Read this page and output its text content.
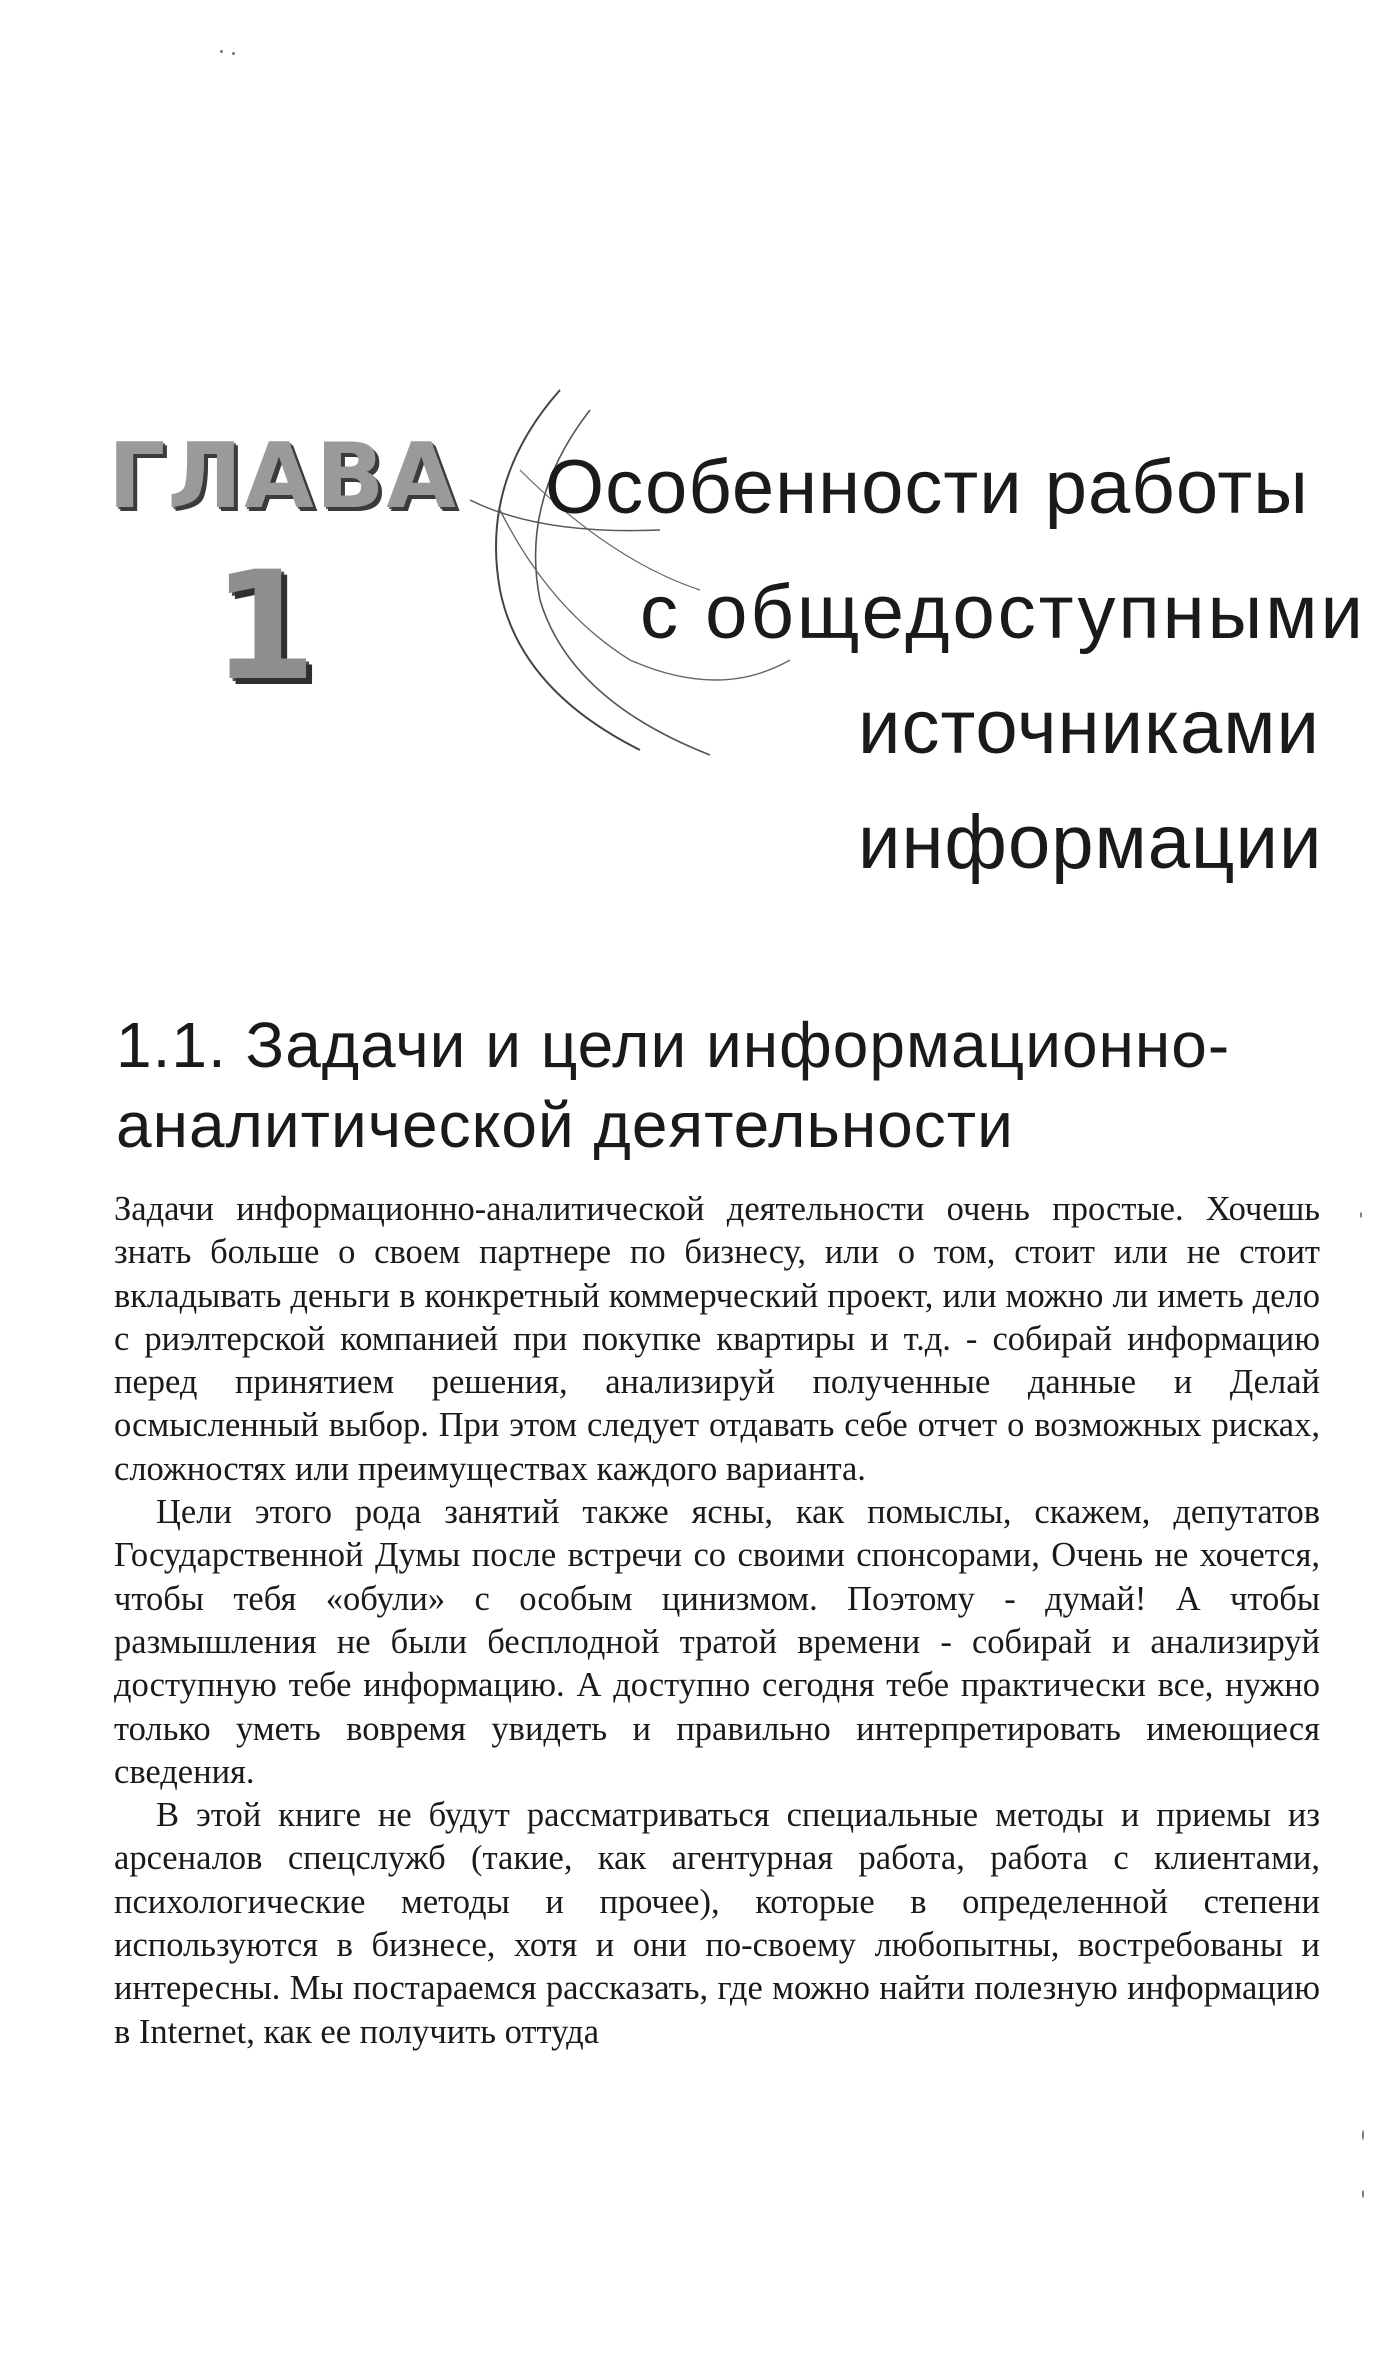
ГЛАВА
1
Особенности работы
с общедоступными
источниками
информации
1.1. Задачи и цели информационно-аналитической деятельности

Задачи информационно-аналитической деятельности очень простые. Хочешь знать больше о своем партнере по бизнесу, или о том, стоит или не стоит вкладывать деньги в конкретный коммерческий проект, или можно ли иметь дело с риэлтерской компанией при покупке квартиры и т.д. - собирай информацию перед принятием решения, анализируй полученные данные и Делай осмысленный выбор. При этом следует отдавать себе отчет о возможных рисках, сложностях или преимуществах каждого варианта.

Цели этого рода занятий также ясны, как помыслы, скажем, депутатов Государственной Думы после встречи со своими спонсорами, Очень не хочется, чтобы тебя «обули» с особым цинизмом. Поэтому - думай! А чтобы размышления не были бесплодной тратой времени - собирай и анализируй доступную тебе информацию. А доступно сегодня тебе практически все, нужно только уметь вовремя увидеть и правильно интерпретировать имеющиеся сведения.

В этой книге не будут рассматриваться специальные методы и приемы из арсеналов спецслужб (такие, как агентурная работа, работа с клиентами, психологические методы и прочее), которые в определенной степени используются в бизнесе, хотя и они по-своему любопытны, востребованы и интересны. Мы постараемся рассказать, где можно найти полезную информацию в Internet, как ее получить оттуда
